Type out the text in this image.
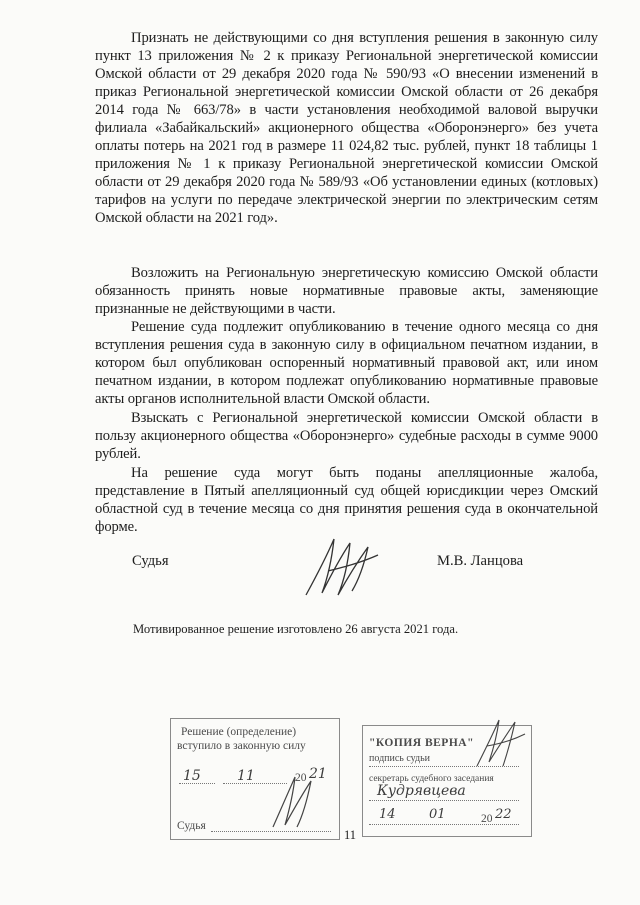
Признать не действующими со дня вступления решения в законную силу пункт 13 приложения № 2 к приказу Региональной энергетической комиссии Омской области от 29 декабря 2020 года № 590/93 «О внесении изменений в приказ Региональной энергетической комиссии Омской области от 26 декабря 2014 года № 663/78» в части установления необходимой валовой выручки филиала «Забайкальский» акционерного общества «Оборонэнерго» без учета оплаты потерь на 2021 год в размере 11 024,82 тыс. рублей, пункт 18 таблицы 1 приложения № 1 к приказу Региональной энергетической комиссии Омской области от 29 декабря 2020 года № 589/93 «Об установлении единых (котловых) тарифов на услуги по передаче электрической энергии по электрическим сетям Омской области на 2021 год».

Возложить на Региональную энергетическую комиссию Омской области обязанность принять новые нормативные правовые акты, заменяющие признанные не действующими в части.

Решение суда подлежит опубликованию в течение одного месяца со дня вступления решения суда в законную силу в официальном печатном издании, в котором был опубликован оспоренный нормативный правовой акт, или ином печатном издании, в котором подлежат опубликованию нормативные правовые акты органов исполнительной власти Омской области.

Взыскать с Региональной энергетической комиссии Омской области в пользу акционерного общества «Оборонэнерго» судебные расходы в сумме 9000 рублей.

На решение суда могут быть поданы апелляционные жалоба, представление в Пятый апелляционный суд общей юрисдикции через Омский областной суд в течение месяца со дня принятия решения суда в окончательной форме.

Судья	М.В. Ланцова
Мотивированное решение изготовлено 26 августа 2021 года.
Решение (определение)
вступило в законную силу
15	11	20 21
Судья
"КОПИЯ ВЕРНА"
подпись судьи
секретарь судебного заседания
Кудрявцева
14	01	20 22
11
